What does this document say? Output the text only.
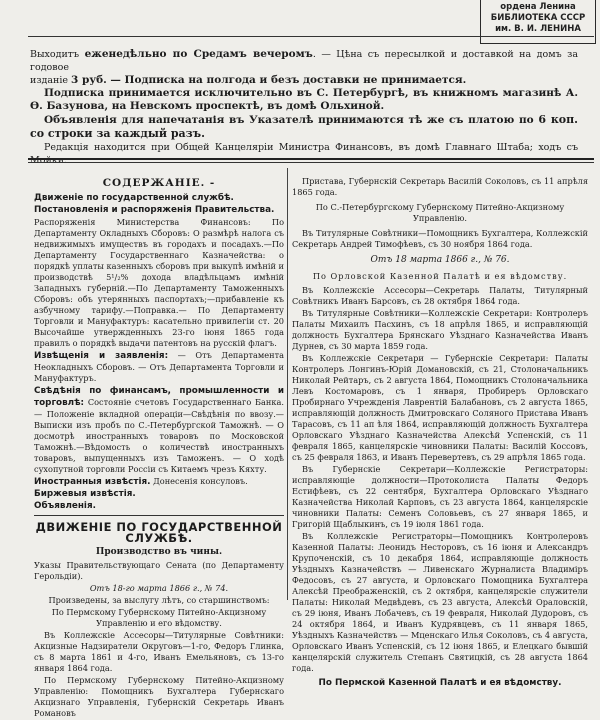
ордена Ленина
БИБЛИОТЕКА СССР
им. В. И. ЛЕНИНА

Выходитъ еженедѣльно по Средамъ вечеромъ. — Цѣна съ пересылкой и доставкой на домъ за годовое

изданіе 3 руб. — Подписка на полгода и безъ доставки не принимается.

Подписка принимается исключительно въ С. Петербургѣ, въ книжномъ магазинѣ А. Ө. Базунова, на Невскомъ проспектѣ, въ домѣ Ольхиной.

Объявленія для напечатанія въ Указателѣ принимаются тѣ же съ платою по 6 коп. со строки за каждый разъ.

Редакція находится при Общей Канцеляріи Министра Финансовъ, въ домѣ Главнаго Штаба; ходъ съ Мойки.

СОДЕРЖАНІЕ. -

Движеніе по государственной службѣ.

Постановленія и распоряженія Правительства.

Распоряженія Министерства Финансовъ: По Департаменту Окладныхъ Сборовъ: О размѣрѣ налога съ недвижимыхъ имуществъ въ городахъ и посадахъ.—По Департаменту Государственнаго Казначейства: о порядкѣ уплаты казенныхъ сборовъ при выкупѣ имѣній и производствѣ 5¹/₂% дохода владѣльцамъ имѣній Западныхъ губерній.—По Департаменту Таможенныхъ Сборовъ: объ утерянныхъ паспортахъ;—прибавленіе къ азбучному тарифу.—Поправка.— По Департаменту Торговли и Мануфактуръ: касательно привилегіи ст. 20 Высочайше утвержденныхъ 23-го іюня 1865 года правилъ о порядкѣ выдачи патентовъ на русскій флагъ.

Извѣщенія и заявленія: — Отъ Департамента Неокладныхъ Сборовъ. — Отъ Департамента Торговли и Мануфактуръ.

Свѣдѣнія по финансамъ, промышленности и торговлѣ: Состояніе счетовъ Государственнаго Банка. — Положеніе вкладной операціи—Свѣдѣнія по ввозу.— Выписки изъ пробъ по С.-Петербургской Таможнѣ. — О досмотрѣ иностранныхъ товаровъ по Московской Таможнѣ.—Вѣдомость о количествѣ иностранныхъ товаровъ, выпущенныхъ изъ Таможенъ. — О ходѣ сухопутной торговли Россіи съ Китаемъ чрезъ Кяхту.

Иностранныя извѣстія. Донесенія консуловъ.

Биржевыя извѣстія.

Объявленія.

ДВИЖЕНІЕ ПО ГОСУДАРСТВЕННОЙ СЛУЖБѢ.
Производство въ чины.

Указы Правительствующаго Сената (по Департаменту Герольдіи).

Отъ 18-го марта 1866 г., № 74.

Произведены, за выслугу лѣтъ, со старшинствомъ:

По Пермскому Губернскому Питейно-Акцизному Управленію и его вѣдомству.

Въ Коллежскіе Ассесоры—Титулярные Совѣтники: Акцизные Надзиратели Округовъ—1-го, Федоръ Глинка, съ 8 марта 1861 и 4-го, Иванъ Емельяновъ, съ 13-го января 1864 года.

По Пермскому Губернскому Питейно-Акцизному Управленію: Помощникъ Бухгалтера Губернскаго Акцизнаго Управленія, Губернскій Секретарь Иванъ Романовъ

Пристава, Губернскій Секретарь Василій Соколовъ, съ 11 апрѣля 1865 года.

По С.-Петербургскому Губернскому Питейно-Акцизному Управленію.

Въ Титулярные Совѣтники—Помощникъ Бухгалтера, Коллежскій Секретарь Андрей Тимофѣевъ, съ 30 ноября 1864 года.

Отъ 18 марта 1866 г., № 76.

По Орловской Казенной Палатѣ и ея вѣдомству.

Въ Коллежскіе Ассесоры—Секретарь Палаты, Титулярный Совѣтникъ Иванъ Барсовъ, съ 28 октября 1864 года.

Въ Титулярные Совѣтники—Коллежскіе Секретари: Контролеръ Палаты Михаилъ Пасхинъ, съ 18 апрѣля 1865, и исправляющій должность Бухгалтера Брянскаго Уѣзднаго Казначейства Иванъ Дурнев, съ 30 марта 1859 года.

Въ Коллежскіе Секретари — Губернскіе Секретари: Палаты Контролеръ Лонгинъ-Юрій Домановскій, съ 21, Столоначальникъ Николай Рейтаръ, съ 2 августа 1864, Помощникъ Столоначальника Левъ Костомаровъ, съ 1 января, Пробиреръ Орловскаго Пробирнаго Учрежденія Лаврентій Балабановъ, съ 2 августа 1865, исправляющій должность Дмитровскаго Соляного Пристава Иванъ Тарасовъ, съ 11 ап ѣля 1864, исправляющій должность Бухгалтера Орловскаго Уѣзднаго Казначейства Алексѣй Успенскій, съ 11 февраля 1865, канцелярскіе чиновники Палаты: Василій Коссовъ, съ 25 февраля 1863, и Иванъ Перевертевъ, съ 29 апрѣля 1865 года.

Въ Губернскіе Секретари—Коллежскіе Регистраторы: исправляющіе должности—Протоколиста Палаты Федоръ Естифѣевъ, съ 22 сентября, Бухгалтера Орловскаго Уѣзднаго Казначейства Николай Карповъ, съ 23 августа 1864, канцелярскіе чиновники Палаты: Семенъ Соловьевъ, съ 27 января 1865, и Григорій Щаблыкинъ, съ 19 іюля 1861 года.

Въ Коллежскіе Регистраторы—Помощникъ Контролеровъ Казенной Палаты: Леонидъ Несторовъ, съ 16 іюня и Александръ Крупоченскій, съ 10 декабря 1864, исправляющіе должность Уѣздныхъ Казначействъ — Ливенскаго Журналиста Владиміръ Федосовъ, съ 27 августа, и Орловскаго Помощника Бухгалтера Алексѣй Преображенскій, съ 2 октября, канцелярскіе служители Палаты: Николай Медвѣдевъ, съ 23 августа, Алексѣй Ораловскій, съ 29 іюня, Иванъ Лобачевъ, съ 19 февраля, Николай Дудоровъ, съ 24 октября 1864, и Иванъ Кудрявцевъ, съ 11 января 1865, Уѣздныхъ Казначействъ — Мценскаго Илья Соколовъ, съ 4 августа, Орловскаго Иванъ Успенскій, съ 12 іюня 1865, и Елецкаго бывшій канцелярскій служитель Степанъ Святицкій, съ 28 августа 1864 года.

По Пермской Казенной Палатѣ и ея вѣдомству.
